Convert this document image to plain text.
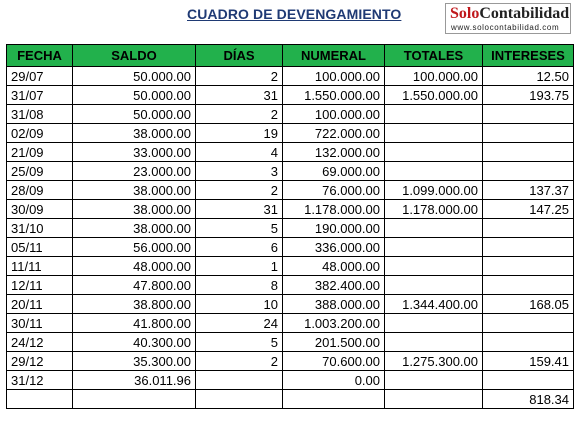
CUADRO DE DEVENGAMIENTO	SoloContabilidad
www.solocontabilidad.com
FECHA	SALDO	DÍAS	NUMERAL	TOTALES	INTERESES
29/07	50.000.00	2	100.000.00	100.000.00	12.50
31/07	50.000.00	31	1.550.000.00	1.550.000.00	193.75
31/08	50.000.00	2	100.000.00		
02/09	38.000.00	19	722.000.00		
21/09	33.000.00	4	132.000.00		
25/09	23.000.00	3	69.000.00		
28/09	38.000.00	2	76.000.00	1.099.000.00	137.37
30/09	38.000.00	31	1.178.000.00	1.178.000.00	147.25
31/10	38.000.00	5	190.000.00		
05/11	56.000.00	6	336.000.00		
11/11	48.000.00	1	48.000.00		
12/11	47.800.00	8	382.400.00		
20/11	38.800.00	10	388.000.00	1.344.400.00	168.05
30/11	41.800.00	24	1.003.200.00		
24/12	40.300.00	5	201.500.00		
29/12	35.300.00	2	70.600.00	1.275.300.00	159.41
31/12	36.011.96		0.00		
					818.34
